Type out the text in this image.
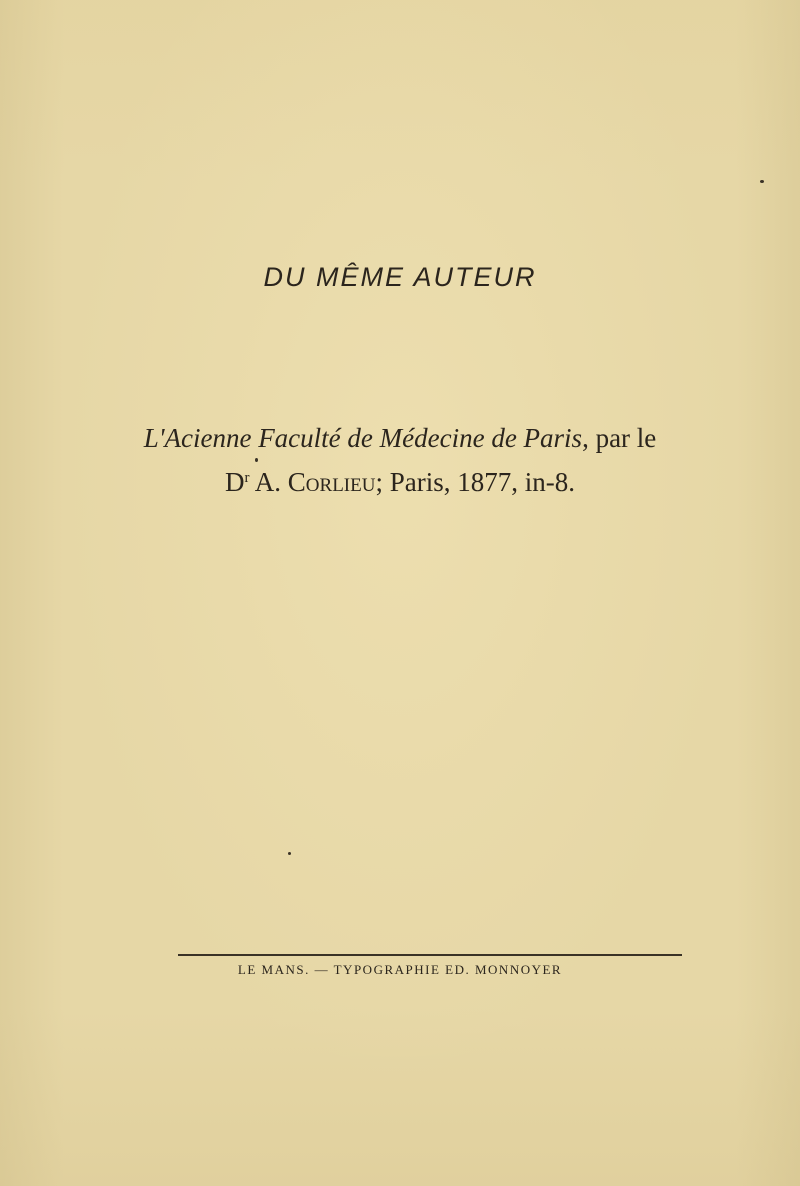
DU MÊME AUTEUR
L'Acienne Faculté de Médecine de Paris, par le
$D^r$ A. Corlieu; Paris, 1877, in-8.
LE MANS. — TYPOGRAPHIE ED. MONNOYER
